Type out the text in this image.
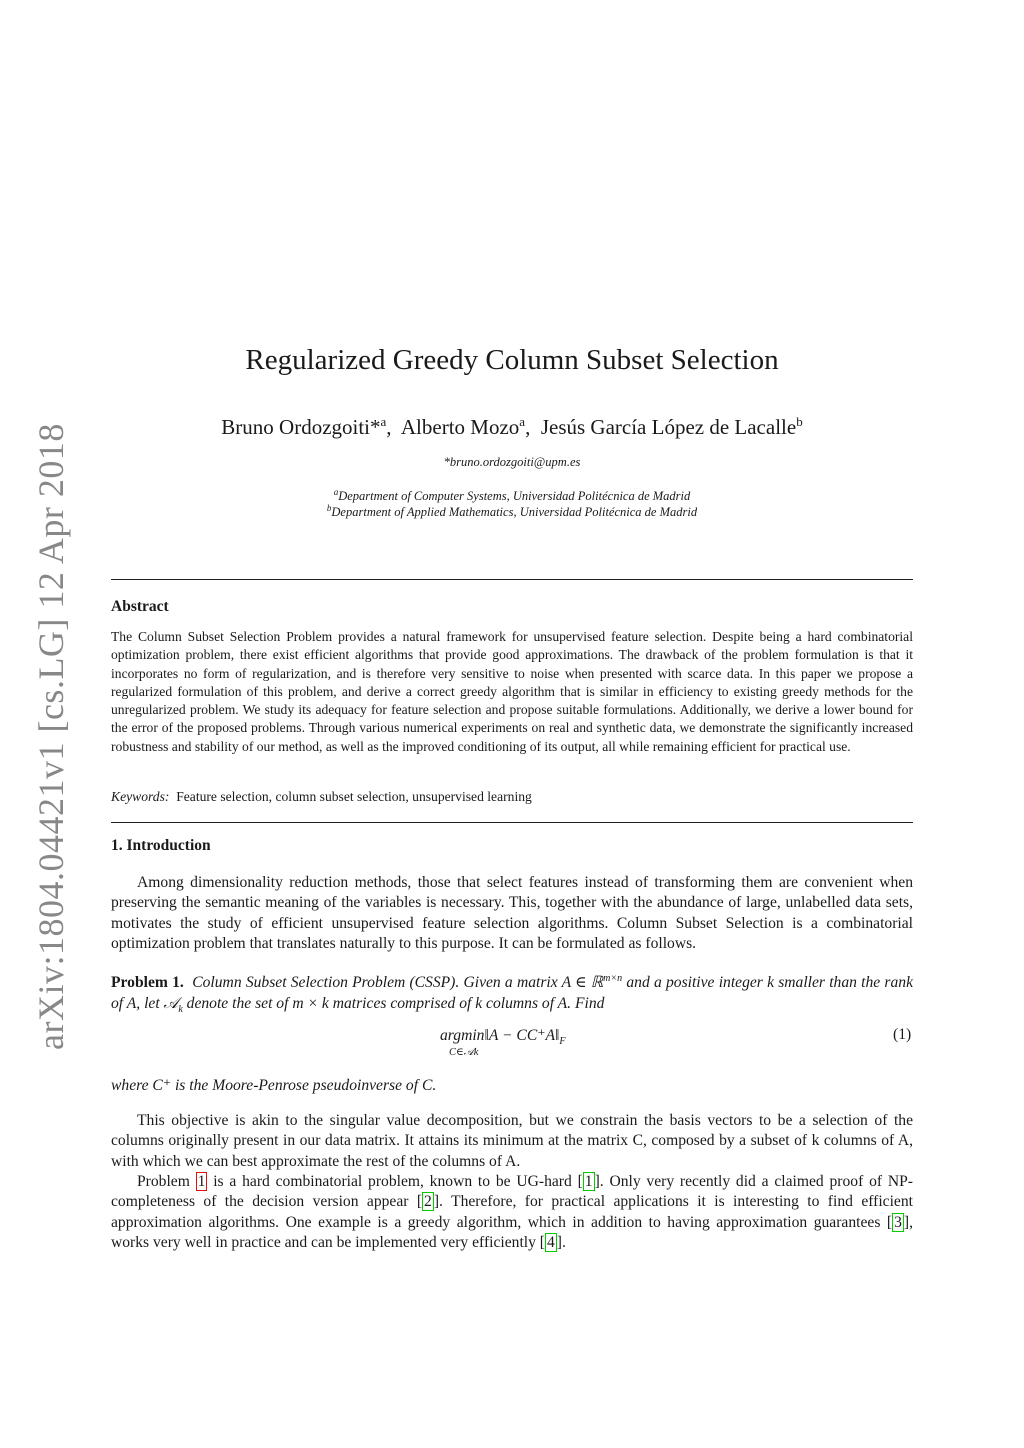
arXiv:1804.04421v1 [cs.LG] 12 Apr 2018
Regularized Greedy Column Subset Selection
Bruno Ordozgoiti*$^a$,  Alberto Mozo$^a$,  Jesús García López de Lacalle$^b$
*bruno.ordozgoiti@upm.es
$^a$Department of Computer Systems, Universidad Politécnica de Madrid
$^b$Department of Applied Mathematics, Universidad Politécnica de Madrid
Abstract

The Column Subset Selection Problem provides a natural framework for unsupervised feature selection. Despite being a hard combinatorial optimization problem, there exist efficient algorithms that provide good approximations. The drawback of the problem formulation is that it incorporates no form of regularization, and is therefore very sensitive to noise when presented with scarce data. In this paper we propose a regularized formulation of this problem, and derive a correct greedy algorithm that is similar in efficiency to existing greedy methods for the unregularized problem. We study its adequacy for feature selection and propose suitable formulations. Additionally, we derive a lower bound for the error of the proposed problems. Through various numerical experiments on real and synthetic data, we demonstrate the significantly increased robustness and stability of our method, as well as the improved conditioning of its output, all while remaining efficient for practical use.

Keywords: Feature selection, column subset selection, unsupervised learning
1. Introduction

Among dimensionality reduction methods, those that select features instead of transforming them are convenient when preserving the semantic meaning of the variables is necessary. This, together with the abundance of large, unlabelled data sets, motivates the study of efficient unsupervised feature selection algorithms. Column Subset Selection is a combinatorial optimization problem that translates naturally to this purpose. It can be formulated as follows.

Problem 1. Column Subset Selection Problem (CSSP). Given a matrix A ∈ ℝ$^{m\times n}$ and a positive integer k smaller than the rank of A, let 𝒜$_k$ denote the set of m × k matrices comprised of k columns of A. Find

argmin‖A − $CC^+A‖_F$
C∈𝒜k
(1)

where C⁺ is the Moore-Penrose pseudoinverse of C.

This objective is akin to the singular value decomposition, but we constrain the basis vectors to be a selection of the columns originally present in our data matrix. It attains its minimum at the matrix C, composed by a subset of k columns of A, with which we can best approximate the rest of the columns of A.

Problem 1 is a hard combinatorial problem, known to be UG-hard [ 1 ]. Only very recently did a claimed proof of NP-completeness of the decision version appear [ 2 ]. Therefore, for practical applications it is interesting to find efficient approximation algorithms. One example is a greedy algorithm, which in addition to having approximation guarantees [ 3 ], works very well in practice and can be implemented very efficiently [ 4 ].
